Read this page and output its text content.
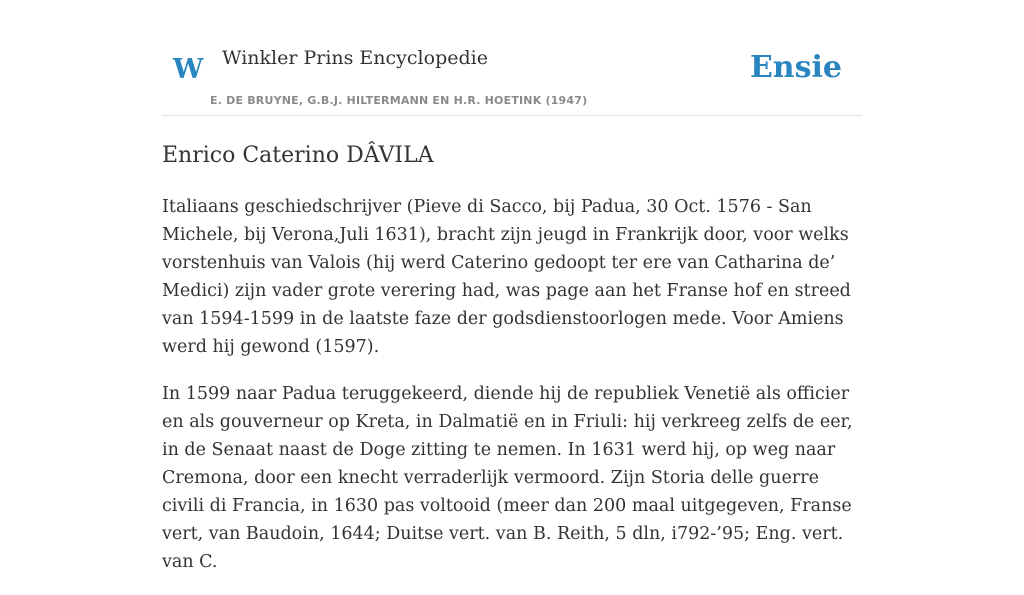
W Winkler Prins Encyclopedie
E. DE BRUYNE, G.B.J. HILTERMANN EN H.R. HOETINK (1947)
Ensie
Enrico Caterino DÂVILA

Italiaans geschiedschrijver (Pieve di Sacco, bij Padua, 30 Oct. 1576 - San Michele, bij Verona,Juli 1631), bracht zijn jeugd in Frankrijk door, voor welks vorstenhuis van Valois (hij werd Caterino gedoopt ter ere van Catharina de’ Medici) zijn vader grote verering had, was page aan het Franse hof en streed van 1594-1599 in de laatste faze der godsdienstoorlogen mede. Voor Amiens werd hij gewond (1597).

In 1599 naar Padua teruggekeerd, diende hij de republiek Venetië als officier en als gouverneur op Kreta, in Dalmatië en in Friuli: hij verkreeg zelfs de eer, in de Senaat naast de Doge zitting te nemen. In 1631 werd hij, op weg naar Cremona, door een knecht verraderlijk vermoord. Zijn Storia delle guerre civili di Francia, in 1630 pas voltooid (meer dan 200 maal uitgegeven, Franse vert, van Baudoin, 1644; Duitse vert. van B. Reith, 5 dln, i792-’95; Eng. vert. van C.
